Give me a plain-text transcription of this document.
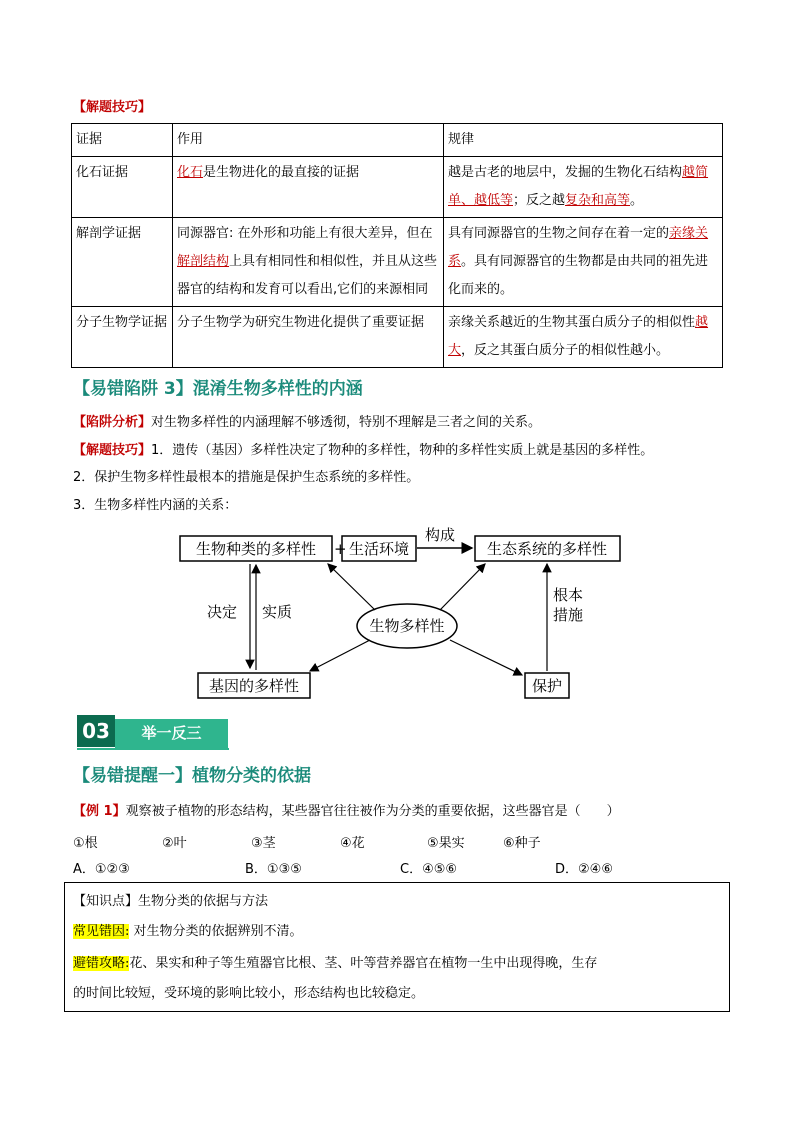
【解题技巧】
证据	作用	规律
化石证据	化石是生物进化的最直接的证据	越是古老的地层中，发掘的生物化石结构越简单、越低等；反之越复杂和高等。
解剖学证据	同源器官: 在外形和功能上有很大差异，但在解剖结构上具有相同性和相似性，并且从这些器官的结构和发育可以看出,它们的来源相同	具有同源器官的生物之间存在着一定的亲缘关系。具有同源器官的生物都是由共同的祖先进化而来的。
分子生物学证据	分子生物学为研究生物进化提供了重要证据	亲缘关系越近的生物其蛋白质分子的相似性越大，反之其蛋白质分子的相似性越小。
【易错陷阱 3】混淆生物多样性的内涵
【陷阱分析】对生物多样性的内涵理解不够透彻，特别不理解是三者之间的关系。
【解题技巧】1．遗传（基因）多样性决定了物种的多样性，物种的多样性实质上就是基因的多样性。
2．保护生物多样性最根本的措施是保护生态系统的多样性。
3．生物多样性内涵的关系：
生物种类的多样性 + 生活环境
构成
生态系统的多样性
决定 实质
生物多样性
基因的多样性	保护
根本
措施
03	举一反三
【易错提醒一】植物分类的依据
【例 1】观察被子植物的形态结构，某些器官往往被作为分类的重要依据，这些器官是（　　）
①根	②叶	③茎	④花	⑤果实	⑥种子
A．①②③	B．①③⑤	C．④⑤⑥	D．②④⑥
【知识点】生物分类的依据与方法
常见错因: 对生物分类的依据辨别不清。
避错攻略:花、果实和种子等生殖器官比根、茎、叶等营养器官在植物一生中出现得晚，生存
的时间比较短，受环境的影响比较小，形态结构也比较稳定。
